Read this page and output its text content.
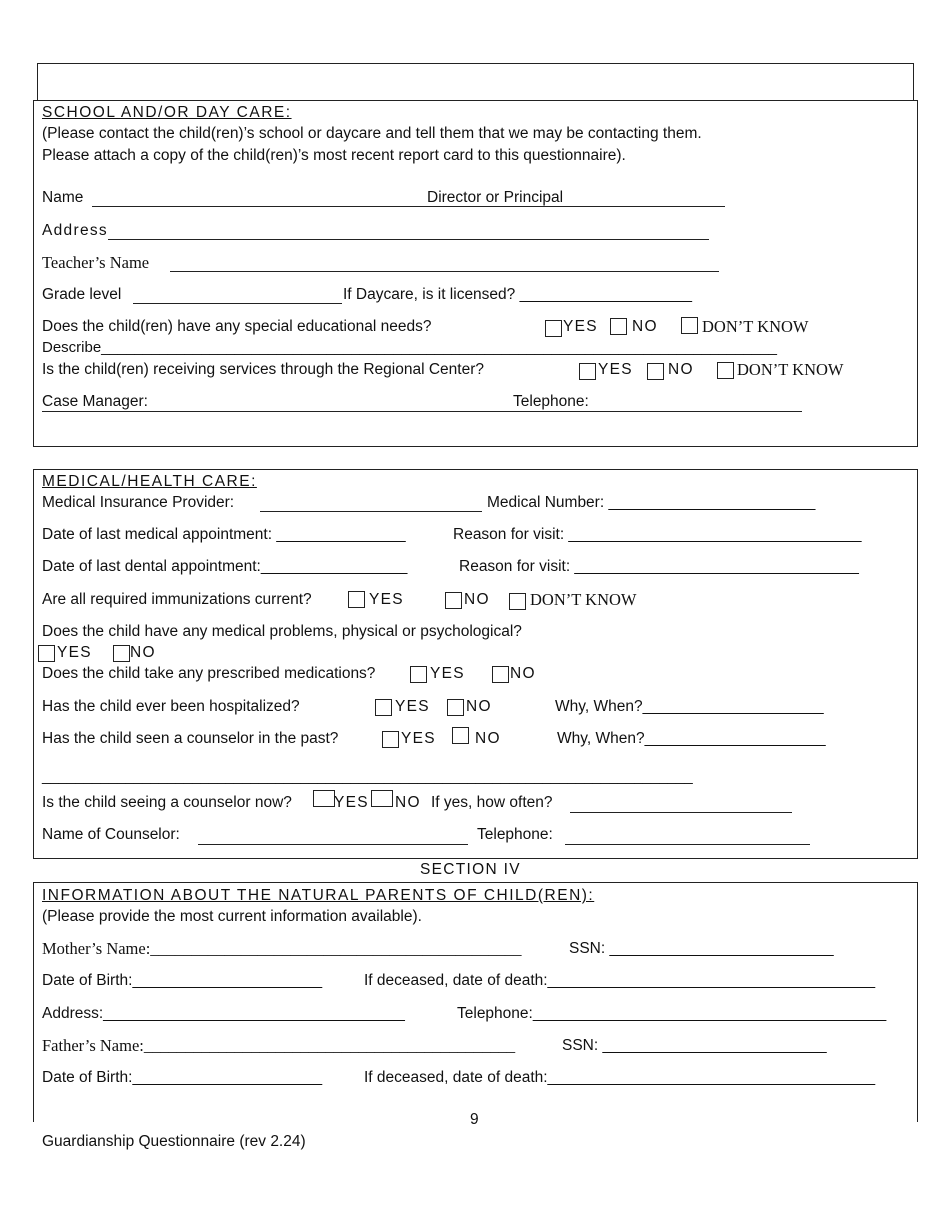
SCHOOL AND/OR DAY CARE:
(Please contact the child(ren)’s school or daycare and tell them that we may be contacting them.
Please attach a copy of the child(ren)’s most recent report card to this questionnaire).
Name	Director or Principal
Address
Teacher’s Name
Grade level	If Daycare, is it licensed? ____________________
Does the child(ren) have any special educational needs?	YES NO	DON’T KNOW
Describe_________________________________________________________________________________
Is the child(ren) receiving services through the Regional Center?	YES NO	DON’T KNOW
Case Manager:	Telephone:
MEDICAL/HEALTH CARE:
Medical Insurance Provider:	Medical Number: ________________________
Date of last medical appointment: _______________	Reason for visit: __________________________________
Date of last dental appointment:_________________	Reason for visit: _________________________________
Are all required immunizations current?	YES	NO DON’T KNOW
Does the child have any medical problems, physical or psychological?
YES NO
Does the child take any prescribed medications?	YES	NO
Has the child ever been hospitalized?	YES NO	Why, When?_____________________
Has the child seen a counselor in the past?	YES	NO	Why, When?_____________________
______________________________________________________________________________
Is the child seeing a counselor now?	YES NO If yes, how often?
Name of Counselor:	Telephone:
SECTION IV
INFORMATION ABOUT THE NATURAL PARENTS OF CHILD(REN):
(Please provide the most current information available).
Mother’s Name:_____________________________________________	SSN: __________________________
Date of Birth:______________________	If deceased, date of death:______________________________________
Address:___________________________________	Telephone:_________________________________________
Father’s Name:_____________________________________________	SSN: __________________________
Date of Birth:______________________	If deceased, date of death:______________________________________
9
Guardianship Questionnaire (rev 2.24)
